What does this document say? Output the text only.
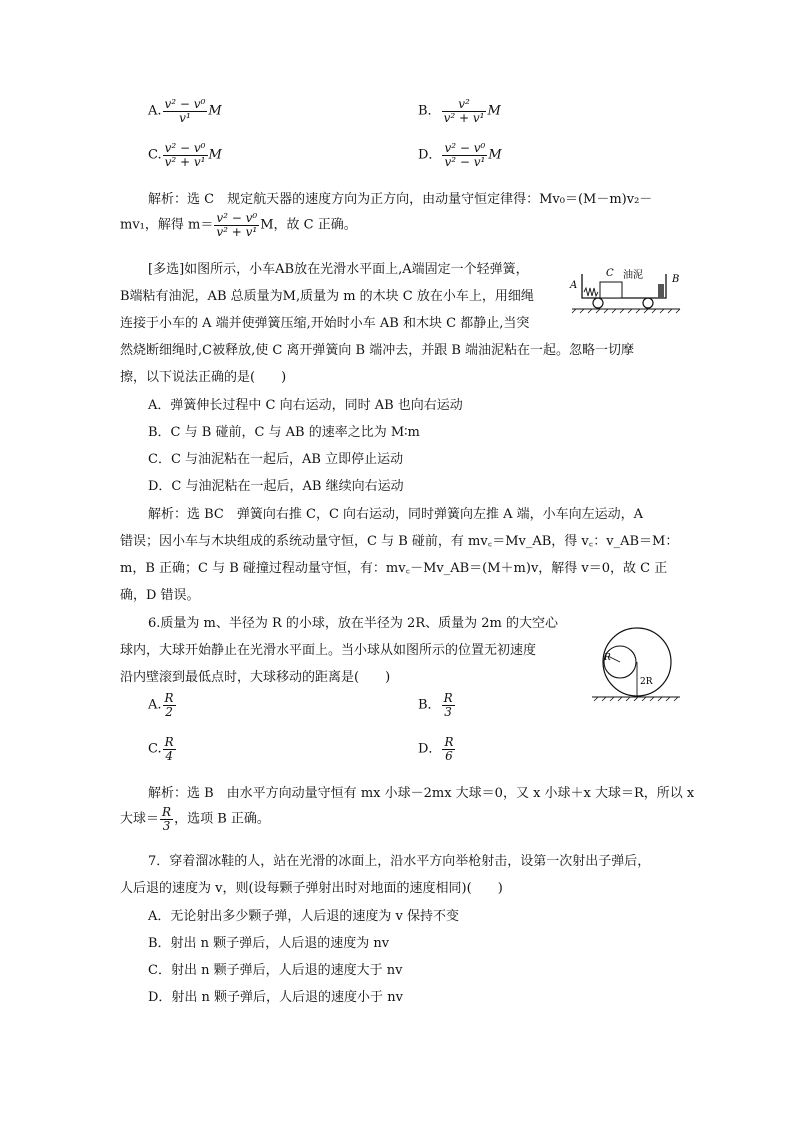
A. $\frac{\text{v² − v⁰}}{\text{v¹}}$ M	B． $\frac{\text{v²}}{\text{v² + v¹}}$ M
C. $\frac{\text{v² − v⁰}}{\text{v² + v¹}}$ M	D． $\frac{\text{v² − v⁰}}{\text{v² − v¹}}$ M
解析：选 C　规定航天器的速度方向为正方向，由动量守恒定律得：Mv₀＝(M－m)v₂－
mv₁，解得 $m= \frac{\text{v² − v⁰}}{\text{v² + v¹}}$ M，故 C 正确。
[多选]如图所示，小车AB放在光滑水平面上,A端固定一个轻弹簧，
B端粘有油泥，AB 总质量为M,质量为 m 的木块 C 放在小车上，用细绳
连接于小车的 A 端并使弹簧压缩,开始时小车 AB 和木块 C 都静止,当突
然烧断细绳时,C被释放,使 C 离开弹簧向 B 端冲去，并跟 B 端油泥粘在一起。忽略一切摩
擦，以下说法正确的是(　　)
A
C 油泥	B
A．弹簧伸长过程中 C 向右运动，同时 AB 也向右运动
B．C 与 B 碰前，C 与 AB 的速率之比为 M∶m
C．C 与油泥粘在一起后，AB 立即停止运动
D．C 与油泥粘在一起后，AB 继续向右运动
解析：选 BC　弹簧向右推 C，C 向右运动，同时弹簧向左推 A 端，小车向左运动，A
错误；因小车与木块组成的系统动量守恒，C 与 B 碰前，有 mv꜀＝Mv_AB，得 v꜀：v_AB＝M：
m，B 正确；C 与 B 碰撞过程动量守恒，有：mv꜀－Mv_AB＝(M＋m)v，解得 v＝0，故 C 正
确，D 错误。
6.质量为 m、半径为 R 的小球，放在半径为 2R、质量为 2m 的大空心
球内，大球开始静止在光滑水平面上。当小球从如图所示的位置无初速度
沿内壁滚到最低点时，大球移动的距离是(　　)
R
2R
A. $\frac{R}{2}$	B． $\frac{R}{3}$
C. $\frac{R}{4}$	D． $\frac{R}{6}$
解析：选 B　由水平方向动量守恒有 mx 小球－2mx 大球＝0，又 x 小球＋x 大球＝R，所以 x
大球＝ $\frac{R}{3}$ ，选项 B 正确。
7．穿着溜冰鞋的人，站在光滑的冰面上，沿水平方向举枪射击，设第一次射出子弹后，
人后退的速度为 v，则(设每颗子弹射出时对地面的速度相同)(　　)
A．无论射出多少颗子弹，人后退的速度为 v 保持不变
B．射出 n 颗子弹后，人后退的速度为 nv
C．射出 n 颗子弹后，人后退的速度大于 nv
D．射出 n 颗子弹后，人后退的速度小于 nv
